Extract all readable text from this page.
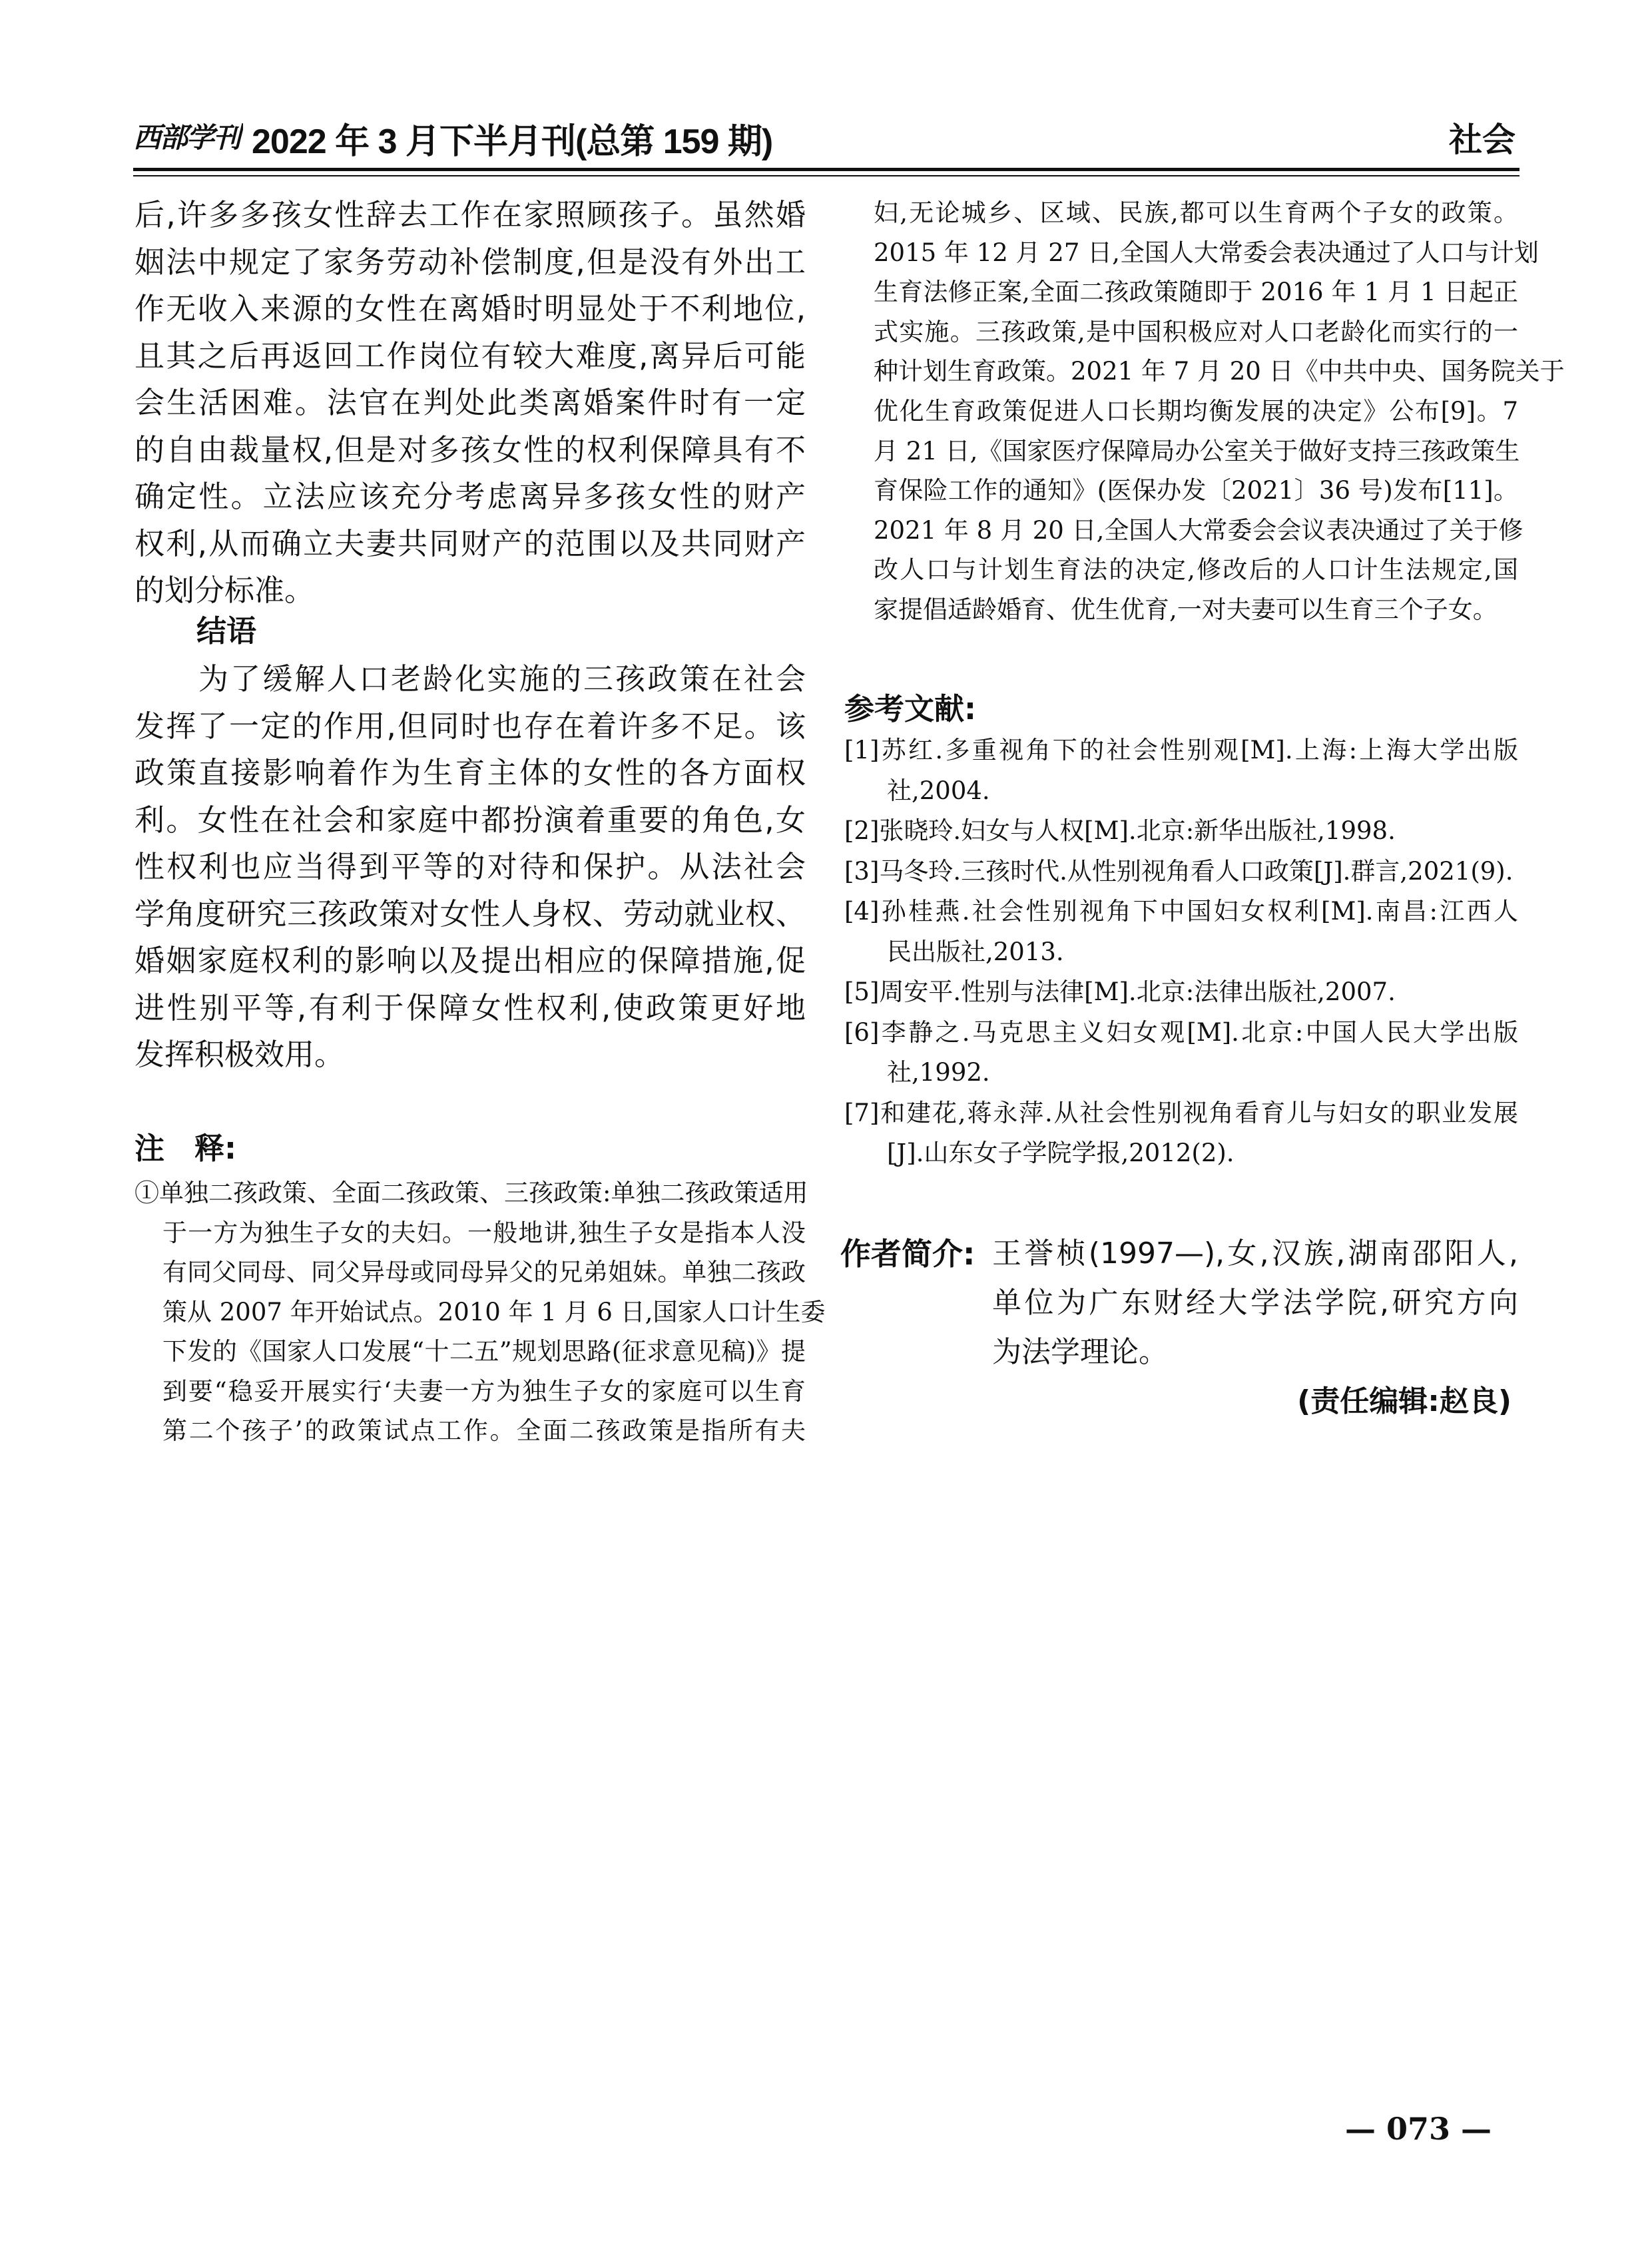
西部学刊 2022 年 3 月下半月刊(总第 159 期)	社会
后,许多多孩女性辞去工作在家照顾孩子。虽然婚
姻法中规定了家务劳动补偿制度,但是没有外出工
作无收入来源的女性在离婚时明显处于不利地位,
且其之后再返回工作岗位有较大难度,离异后可能
会生活困难。法官在判处此类离婚案件时有一定
的自由裁量权,但是对多孩女性的权利保障具有不
确定性。立法应该充分考虑离异多孩女性的财产
权利,从而确立夫妻共同财产的范围以及共同财产
的划分标准。
结语
为了缓解人口老龄化实施的三孩政策在社会
发挥了一定的作用,但同时也存在着许多不足。该
政策直接影响着作为生育主体的女性的各方面权
利。女性在社会和家庭中都扮演着重要的角色,女
性权利也应当得到平等的对待和保护。从法社会
学角度研究三孩政策对女性人身权、劳动就业权、
婚姻家庭权利的影响以及提出相应的保障措施,促
进性别平等,有利于保障女性权利,使政策更好地
发挥积极效用。
注　释:
①单独二孩政策、全面二孩政策、三孩政策:单独二孩政策适用
于一方为独生子女的夫妇。一般地讲,独生子女是指本人没
有同父同母、同父异母或同母异父的兄弟姐妹。单独二孩政
策从 2007 年开始试点。2010 年 1 月 6 日,国家人口计生委
下发的《国家人口发展“十二五”规划思路(征求意见稿)》提
到要“稳妥开展实行‘夫妻一方为独生子女的家庭可以生育
第二个孩子’的政策试点工作。全面二孩政策是指所有夫
妇,无论城乡、区域、民族,都可以生育两个子女的政策。
2015 年 12 月 27 日,全国人大常委会表决通过了人口与计划
生育法修正案,全面二孩政策随即于 2016 年 1 月 1 日起正
式实施。三孩政策,是中国积极应对人口老龄化而实行的一
种计划生育政策。2021 年 7 月 20 日《中共中央、国务院关于
优化生育政策促进人口长期均衡发展的决定》公布[9]。7
月 21 日,《国家医疗保障局办公室关于做好支持三孩政策生
育保险工作的通知》(医保办发〔2021〕36 号)发布[11]。
2021 年 8 月 20 日,全国人大常委会会议表决通过了关于修
改人口与计划生育法的决定,修改后的人口计生法规定,国
家提倡适龄婚育、优生优育,一对夫妻可以生育三个子女。
参考文献:
[1]苏红.多重视角下的社会性别观[M].上海:上海大学出版
社,2004.
[2]张晓玲.妇女与人权[M].北京:新华出版社,1998.
[3]马冬玲.三孩时代.从性别视角看人口政策[J].群言,2021(9).
[4]孙桂燕.社会性别视角下中国妇女权利[M].南昌:江西人
民出版社,2013.
[5]周安平.性别与法律[M].北京:法律出版社,2007.
[6]李静之.马克思主义妇女观[M].北京:中国人民大学出版
社,1992.
[7]和建花,蒋永萍.从社会性别视角看育儿与妇女的职业发展
[J].山东女子学院学报,2012(2).
作者简介: 王誉桢(1997—),女,汉族,湖南邵阳人,
单位为广东财经大学法学院,研究方向
为法学理论。
(责任编辑:赵良)
— 073 —
